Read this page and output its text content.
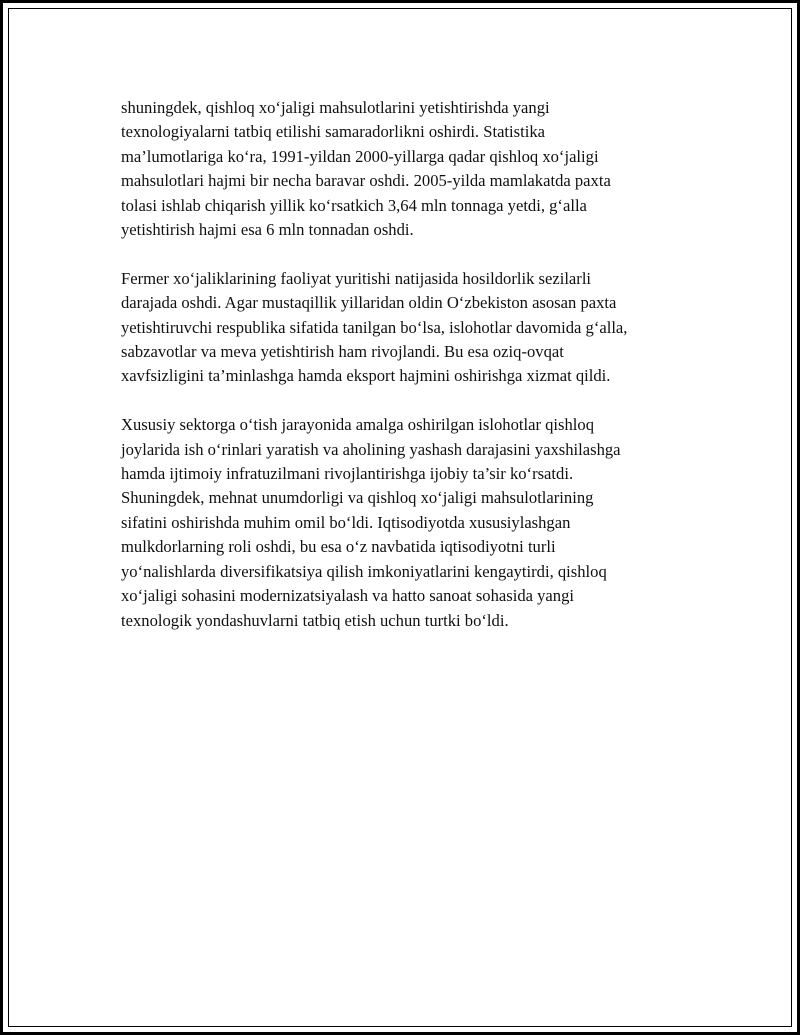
shuningdek, qishloq xo‘jaligi mahsulotlarini yetishtirishda yangi
texnologiyalarni tatbiq etilishi samaradorlikni oshirdi. Statistika
ma’lumotlariga ko‘ra, 1991-yildan 2000-yillarga qadar qishloq xo‘jaligi
mahsulotlari hajmi bir necha baravar oshdi. 2005-yilda mamlakatda paxta
tolasi ishlab chiqarish yillik ko‘rsatkich 3,64 mln tonnaga yetdi, g‘alla
yetishtirish hajmi esa 6 mln tonnadan oshdi.

Fermer xo‘jaliklarining faoliyat yuritishi natijasida hosildorlik sezilarli
darajada oshdi. Agar mustaqillik yillaridan oldin O‘zbekiston asosan paxta
yetishtiruvchi respublika sifatida tanilgan bo‘lsa, islohotlar davomida g‘alla,
sabzavotlar va meva yetishtirish ham rivojlandi. Bu esa oziq-ovqat
xavfsizligini ta’minlashga hamda eksport hajmini oshirishga xizmat qildi.

Xususiy sektorga o‘tish jarayonida amalga oshirilgan islohotlar qishloq
joylarida ish o‘rinlari yaratish va aholining yashash darajasini yaxshilashga
hamda ijtimoiy infratuzilmani rivojlantirishga ijobiy ta’sir ko‘rsatdi.
Shuningdek, mehnat unumdorligi va qishloq xo‘jaligi mahsulotlarining
sifatini oshirishda muhim omil bo‘ldi. Iqtisodiyotda xususiylashgan
mulkdorlarning roli oshdi, bu esa o‘z navbatida iqtisodiyotni turli
yo‘nalishlarda diversifikatsiya qilish imkoniyatlarini kengaytirdi, qishloq
xo‘jaligi sohasini modernizatsiyalash va hatto sanoat sohasida yangi
texnologik yondashuvlarni tatbiq etish uchun turtki bo‘ldi.
